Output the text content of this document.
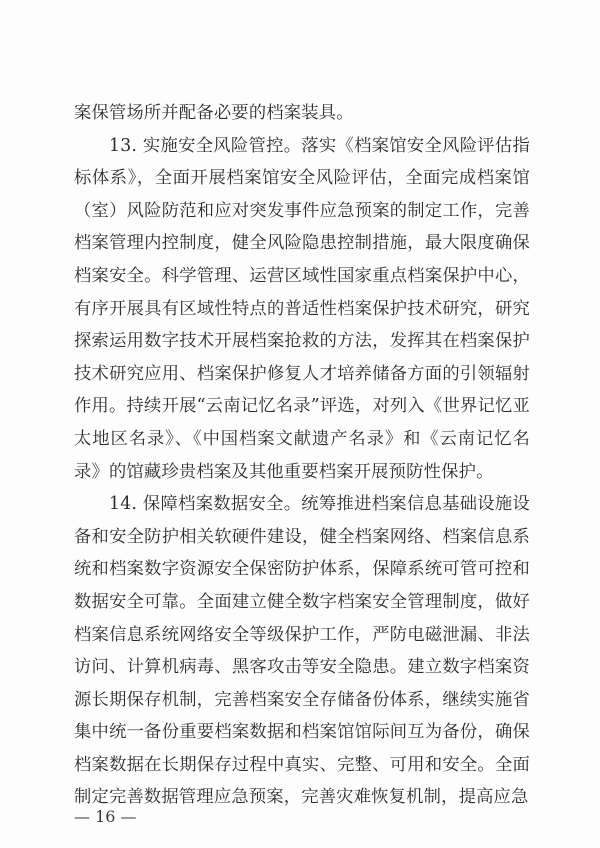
案保管场所并配备必要的档案装具。

13. 实施安全风险管控。落实《档案馆安全风险评估指标体系》，全面开展档案馆安全风险评估，全面完成档案馆（室）风险防范和应对突发事件应急预案的制定工作，完善档案管理内控制度，健全风险隐患控制措施，最大限度确保档案安全。科学管理、运营区域性国家重点档案保护中心，有序开展具有区域性特点的普适性档案保护技术研究，研究探索运用数字技术开展档案抢救的方法，发挥其在档案保护技术研究应用、档案保护修复人才培养储备方面的引领辐射作用。持续开展“云南记忆名录”评选，对列入《世界记忆亚太地区名录》、《中国档案文献遗产名录》和《云南记忆名录》的馆藏珍贵档案及其他重要档案开展预防性保护。

14. 保障档案数据安全。统筹推进档案信息基础设施设备和安全防护相关软硬件建设，健全档案网络、档案信息系统和档案数字资源安全保密防护体系，保障系统可管可控和数据安全可靠。全面建立健全数字档案安全管理制度，做好档案信息系统网络安全等级保护工作，严防电磁泄漏、非法访问、计算机病毒、黑客攻击等安全隐患。建立数字档案资源长期保存机制，完善档案安全存储备份体系，继续实施省集中统一备份重要档案数据和档案馆馆际间互为备份，确保档案数据在长期保存过程中真实、完整、可用和安全。全面制定完善数据管理应急预案，完善灾难恢复机制，提高应急

— 16 —
